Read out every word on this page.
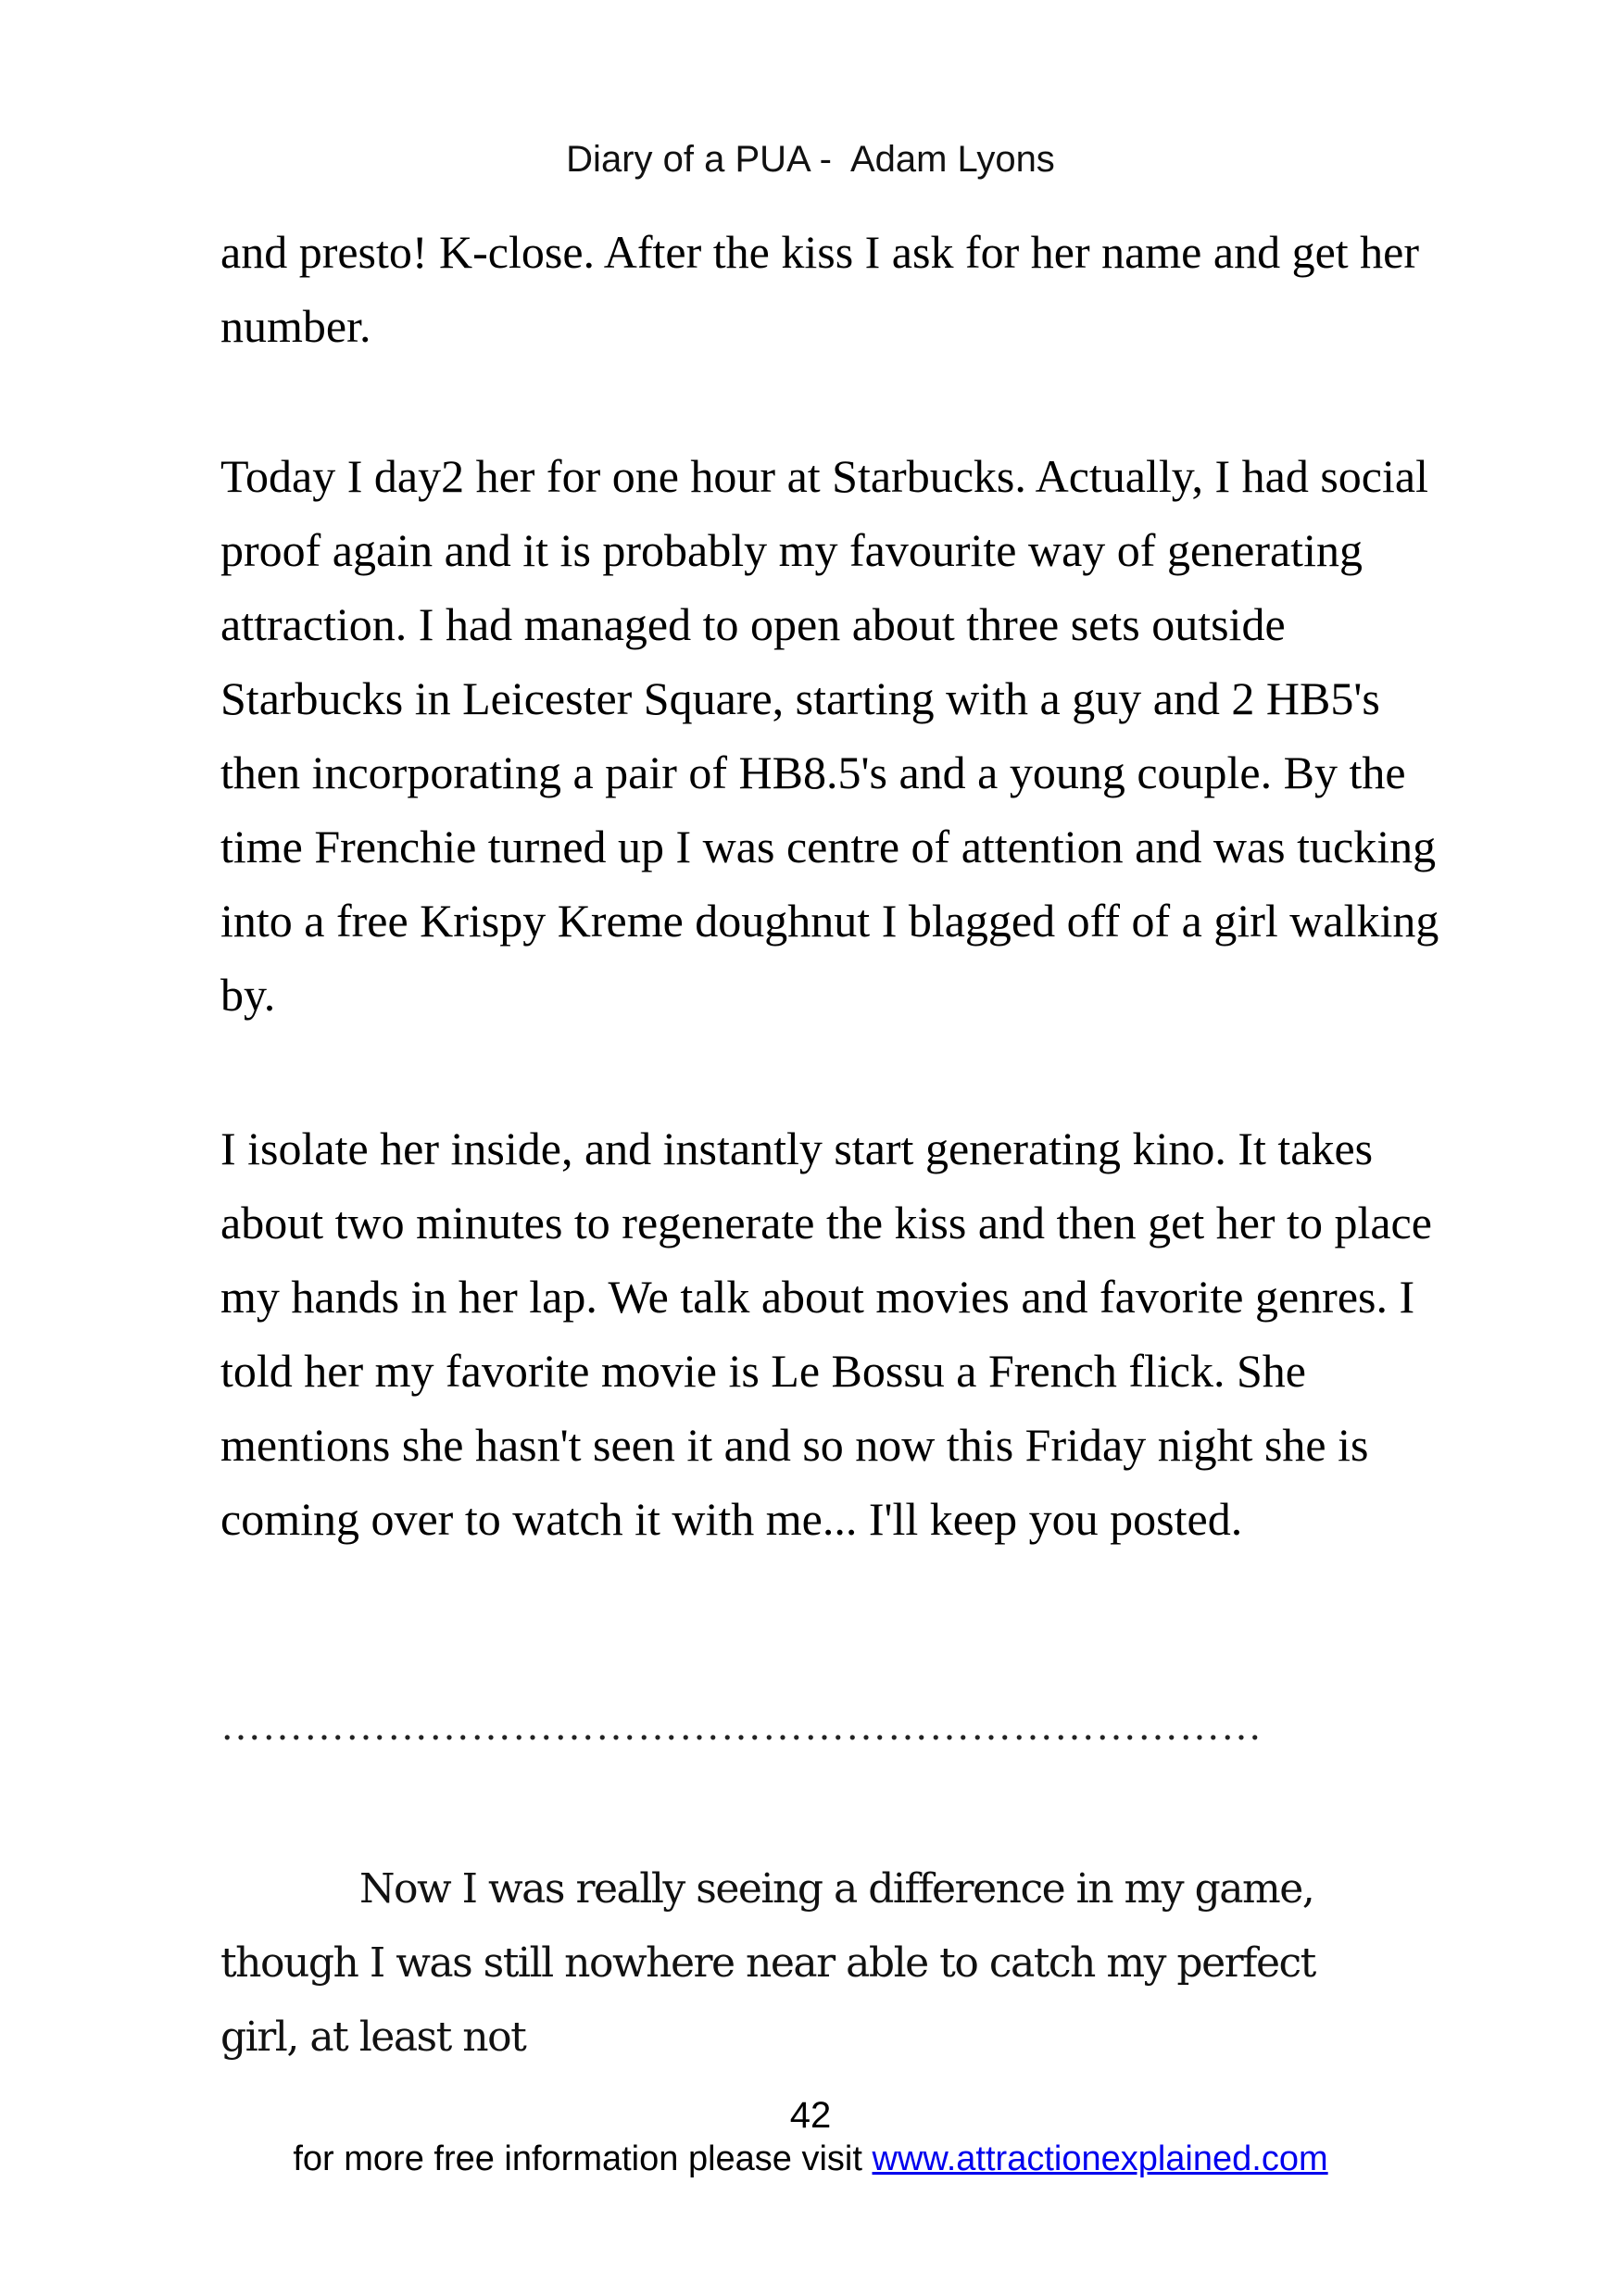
Diary of a PUA -  Adam Lyons

and presto! K-close. After the kiss I ask for her name and get her number.

Today I day2 her for one hour at Starbucks. Actually, I had social proof again and it is probably my favourite way of generating attraction. I had managed to open about three sets outside Starbucks in Leicester Square, starting with a guy and 2 HB5's then incorporating a pair of HB8.5's and a young couple. By the time Frenchie turned up I was centre of attention and was tucking into a free Krispy Kreme doughnut I blagged off of a girl walking by.

I isolate her inside, and instantly start generating kino. It takes about two minutes to regenerate the kiss and then get her to place my hands in her lap. We talk about movies and favorite genres. I told her my favorite movie is Le Bossu a French flick. She mentions she hasn't seen it and so now this Friday night she is coming over to watch it with me... I'll keep you posted.

…………………………………………………………………
Now I was really seeing a difference in my game, though I was still nowhere near able to catch my perfect girl, at least not
42
for more free information please visit www.attractionexplained.com
